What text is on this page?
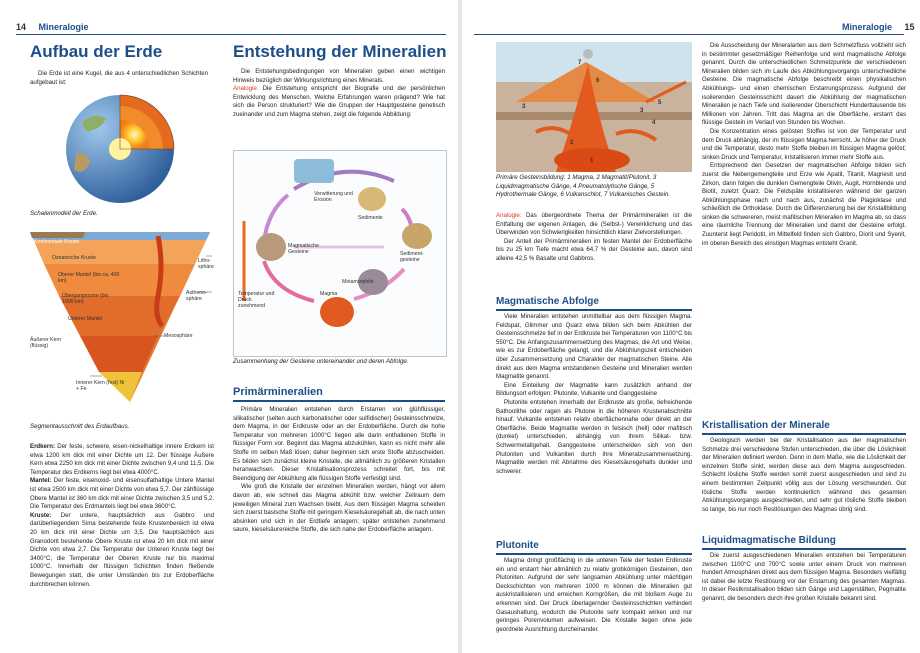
14 Mineralogie
Aufbau der Erde

Die Erde ist eine Kugel, die aus 4 unterschiedlichen Schichten aufgebaut ist:

Schalenmodell der Erde.

Kontinentale Kruste
Ozeanische Kruste
Oberer Mantel (bis ca. 400 km)
Übergangszone (bis 1000 km)
Unterer Mantel
Äußerer Kern (flüssig)
Innerer Kern (fest) Ni + Fe
Litho-sphäre
Astheno-sphäre
Mesosphäre

Segmentausschnitt des Erdaufbaus.

Erdkern: Der feste, schwere, eisen-nickelhaltige innere Erdkern ist etwa 1200 km dick mit einer Dichte um 12. Der flüssige Äußere Kern etwa 2250 km dick mit einer Dichte zwischen 9,4 und 11,5. Die Temperatur des Erdkerns liegt bei etwa 4000°C.

Mantel: Der feste, eisenoxid- und eisensulfathaltige Untere Mantel ist etwa 2500 km dick mit einer Dichte von etwa 5,7. Der zähflüssige Obere Mantel ist 360 km dick mit einer Dichte zwischen 3,5 und 5,2. Die Temperatur des Erdmantels liegt bei etwa 3600°C.

Kruste: Der untere, hauptsächlich aus Gabbro und darüberliegendem Sima bestehende feste Krustenbereich ist etwa 20 km dick mit einer Dichte um 3,5. Die hauptsächlich aus Granodorit bestehende Obere Kruste ist etwa 20 km dick mit einer Dichte von etwa 2,7. Die Temperatur der Unteren Kruste liegt bei 3400°C, die Temperatur der Oberen Kruste nur bis maximal 1000°C. Innerhalb der flüssigen Schichten finden fließende Bewegungen statt, die unter Umständen bis zur Erdoberfläche durchbrechen können.

Entstehung der Mineralien

Die Entstehungsbedingungen von Mineralien geben einen wichtigen Hinweis bezüglich der Wirkungsrichtung eines Minerals.

Analogie: Die Entstehung entspricht der Biografie und der persönlichen Entwicklung des Menschen. Welche Erfahrungen waren prägend? Wie hat sich die Person strukturiert? Wie die Gruppen der Hauptgesteine genetisch zueinander und zum Magma stehen, zeigt die folgende Abbildung:

Verwitterung und Erosion
Sedimente
Sediment-gesteine
Magmatische Gesteine
Metamorphite
Magma
Temperatur und Druck zunehmend

Zusammenhang der Gesteine untereinander und deren Abfolge.

Primärmineralien

Primäre Mineralien entstehen durch Erstarren von glühflüssiger, silikatischer (selten auch karbonatischer oder sulfidischer) Gesteinsschmelze, dem Magma, in der Erdkruste oder an der Erdoberfläche. Durch die hohe Temperatur von mehreren 1000°C liegen alle darin enthaltenen Stoffe in flüssiger Form vor. Beginnt das Magma abzukühlen, kann es nicht mehr alle Stoffe im selben Maß lösen; daher beginnen sich erste Stoffe abzuscheiden. Es bilden sich zunächst kleine Kristalle, die allmählich zu größeren Kristallen heranwachsen. Dieser Kristallisationsprozess schreitet fort, bis mit Beendigung der Abkühlung alle flüssigen Stoffe verfestigt sind.

Wie groß die Kristalle der einzelnen Mineralien werden, hängt vor allem davon ab, wie schnell das Magma abkühlt bzw. welcher Zeitraum dem jeweiligen Mineral zum Wachsen bleibt. Aus dem flüssigen Magma scheiden sich zuerst basische Stoffe mit geringem Kieselsäuregehalt ab, die nach unten absinken und sich in der Erdtiefe anlagern; später entstehen zunehmend saure, kieselsäurereiche Stoffe, die sich nahe der Erdoberfläche anlagern.

Mineralogie 15
1
2
3
3
4
5
6
7

Primäre Gesteinsbildung: 1 Magma, 2 Magmatit/Plutonit, 3 Liquidmagmatische Gänge, 4 Pneumatolytische Gänge, 5 Hydrothermale Gänge, 6 Vulkanschlot, 7 Vulkanisches Gestein.

Analogie: Das übergeordnete Thema der Primärmineralien ist die Entfaltung der eigenen Anlagen, die (Selbst-) Verwirklichung und das Überwinden von Schwierigkeiten hinsichtlich klarer Zielvorstellungen.

Der Anteil der Primärmineralien im festen Mantel der Erdoberfläche bis zu 25 km Tiefe macht etwa 64,7 % der Gesteine aus, davon sind alleine 42,5 % Basalte und Gabbros.

Magmatische Abfolge

Viele Mineralien entstehen unmittelbar aus dem flüssigen Magma. Feldspat, Glimmer und Quarz etwa bilden sich beim Abkühlen der Gesteinsschmelze tief in der Erdkruste bei Temperaturen von 1100°C bis 550°C. Die Anfangszusammensetzung des Magmas, die Art und Weise, wie es zur Erdoberfläche gelangt, und die Abkühlungszeit entscheiden über Zusammensetzung und Charakter der magmatischen Steine. Alle direkt aus dem Magma entstandenen Gesteine und Mineralien werden Magmatite genannt.

Eine Einteilung der Magmatite kann zusätzlich anhand der Bildungsort erfolgen: Plutonite, Vulkanite und Ganggesteine

Plutonite entstehen innerhalb der Erdkruste als große, tiefreichende Bathoolithe oder ragen als Plutone in die höheren Krustenabschnitte hinauf. Vulkanite entstehen relativ oberflächennahe oder direkt an der Oberfläche. Beide Magmatite werden in felsisch (hell) oder mafitisch (dunkel) unterschieden, abhängig von ihrem Silikat- bzw. Schwermetallgehalt. Ganggesteine unterscheiden sich von den Plutoniten und Vulkaniten durch ihre Mineralzusammensetzung. Magmatite werden mit Abnahme des Kieselsäuregehalts dunkler und schwerer.

Plutonite

Magma dringt großflächig in die unteren Teile der festen Erdkruste ein und erstarrt hier allmählich zu relativ grobkörnigen Gesteinen, den Plutoniten. Aufgrund der sehr langsamen Abkühlung unter mächtigen Deckschichten von mehreren 1000 m können die Mineralien gut auskristallisieren und erreichen Korngrößen, die mit bloßem Auge zu erkennen sind. Der Druck überlagernder Gesteinsschichten verhindert Gasaushaltung, wodurch die Plutonite sehr kompakt wirken und nur geringes Porenvolumen aufweisen. Die Kristalle liegen ohne jede geordnete Ausrichtung durcheinander.

Die Ausscheidung der Mineralarten aus dem Schmelzfluss vollzieht sich in bestimmter gesetzmäßiger Reihenfolge und wird magmatische Abfolge genannt. Durch die unterschiedlichen Schmelzpunkte der verschiedenen Mineralien bilden sich im Laufe des Abkühlungsvorgangs unterschiedliche Gesteine. Die magmatische Abfolge beschreibt einen physikalischen Abkühlungs- und einen chemischen Erstarrungsprozess. Aufgrund der isolierenden Gesteinsschicht dauert die Abkühlung der magmatischen Mineralien je nach Tiefe und isolierender Oberschicht Hunderttausende bis Millionen von Jahren. Tritt das Magma an die Oberfläche, erstarrt das flüssige Gestein im Verlauf von Stunden bis Wochen.

Die Konzentration eines gelösten Stoffes ist von der Temperatur und dem Druck abhängig, der im flüssigen Magma herrscht. Je höher der Druck und die Temperatur, desto mehr Stoffe bleiben im flüssigen Magma gelöst; sinken Druck und Temperatur, kristallisieren immer mehr Stoffe aus.

Entsprechend den Gesetzen der magmatischen Abfolge bilden sich zuerst die Nebengemengteile und Erze wie Apatit, Titanit, Magnesit und Zirkon, dann folgen die dunklen Gemengteile Olivin, Augit, Hornblende und Biotit, zuletzt Quarz. Die Feldspäte kristallisieren während der ganzen Abkühlungsphase nach und nach aus, zunächst die Plagioklase und schließlich die Orthoklase. Durch die Differenzierung bei der Kristallbildung sinken die schwereren, meist mafitischen Mineralien im Magma ab, so dass eine räumliche Trennung der Mineralien und damit der Gesteine erfolgt. Zuunterst liegt Peridotit, im Mittelfeld finden sich Gabbro, Diorit und Syenit, im oberen Bereich des einstigen Magmas entsteht Granit.

Kristallisation der Minerale

Geologisch werden bei der Kristallisation aus der magmatischen Schmelze drei verschiedene Stufen unterschieden, die über die Löslichkeit der Mineralien definiert werden. Denn in dem Maße, wie die Löslichkeit der einzelnen Stoffe sinkt, werden diese aus dem Magma ausgeschieden. Schlecht lösliche Stoffe werden somit zuerst ausgeschieden und sind zu einem bestimmten Zeitpunkt völlig aus der Lösung verschwunden. Gut lösliche Stoffe werden kontinuierlich während des gesamten Abkühlungsvorgangs ausgeschieden, und sehr gut lösliche Stoffe bleiben so lange, bis nur noch Restlösungen des Magmas übrig sind.

Liquidmagmatische Bildung

Die zuerst ausgeschiedenen Mineralien entstehen bei Temperaturen zwischen 1100°C und 700°C sowie unter einem Druck von mehreren hundert Atmosphären direkt aus dem flüssigen Magma. Besonders vielfältig ist dabei die letzte Restlösung vor der Erstarrung des gesamten Magmas. In dieser Restkristallisation bilden sich Gänge und Lagerstätten, Pegmatite genannt, die besonders durch ihre großen Kristalle bekannt sind.
